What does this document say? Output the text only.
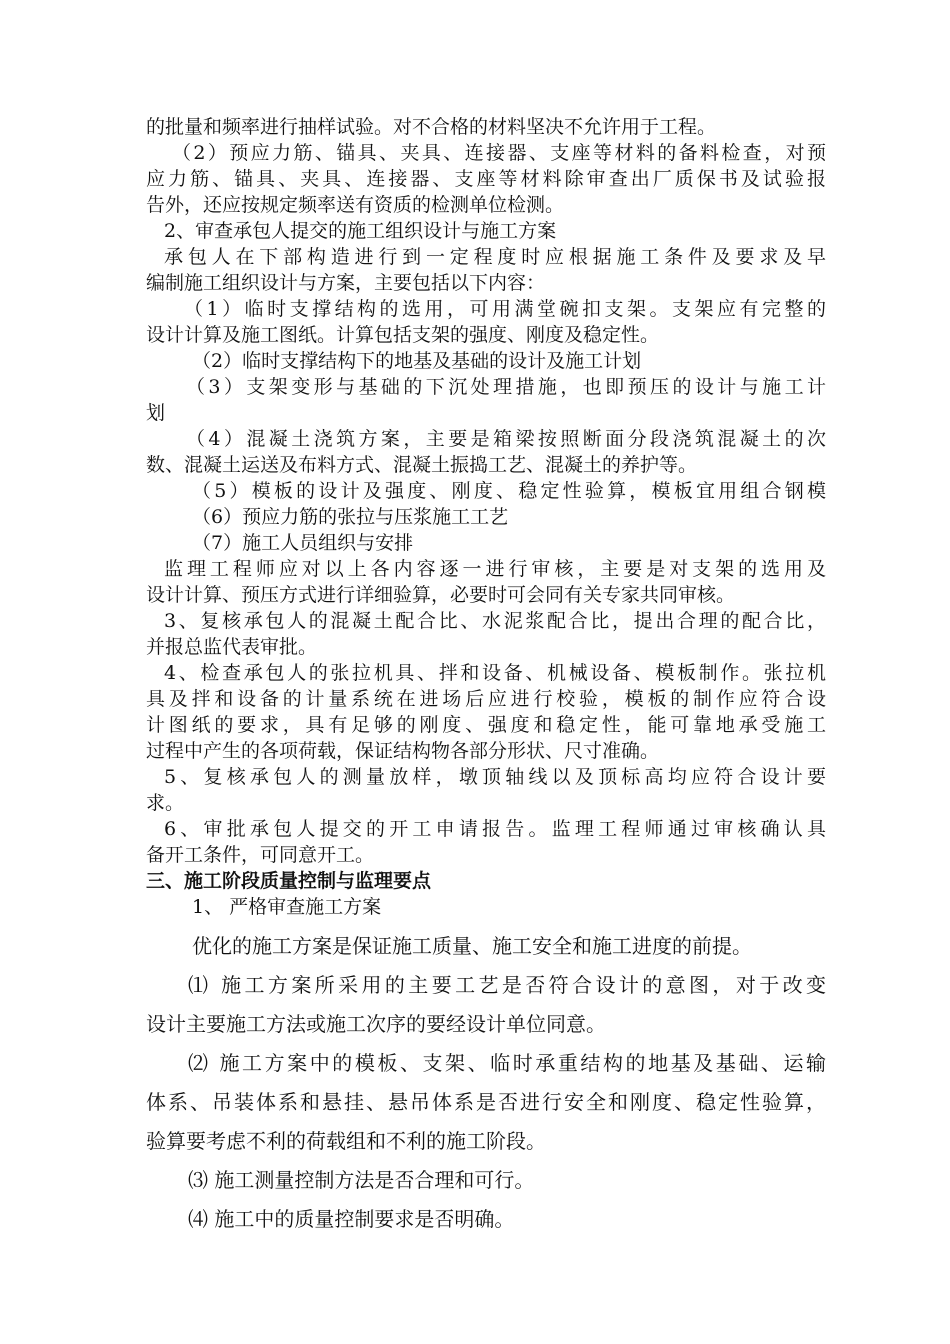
的批量和频率进行抽样试验。对不合格的材料坚决不允许用于工程。
（2）预应力筋、锚具、夹具、连接器、支座等材料的备料检查，对预
应力筋、锚具、夹具、连接器、支座等材料除审查出厂质保书及试验报
告外，还应按规定频率送有资质的检测单位检测。
2、审查承包人提交的施工组织设计与施工方案
承包人在下部构造进行到一定程度时应根据施工条件及要求及早
编制施工组织设计与方案，主要包括以下内容：
（1）临时支撑结构的选用，可用满堂碗扣支架。支架应有完整的
设计计算及施工图纸。计算包括支架的强度、刚度及稳定性。
（2）临时支撑结构下的地基及基础的设计及施工计划
（3）支架变形与基础的下沉处理措施，也即预压的设计与施工计
划
（4）混凝土浇筑方案，主要是箱梁按照断面分段浇筑混凝土的次
数、混凝土运送及布料方式、混凝土振捣工艺、混凝土的养护等。
（5）模板的设计及强度、刚度、稳定性验算，模板宜用组合钢模
（6）预应力筋的张拉与压浆施工工艺
（7）施工人员组织与安排
监理工程师应对以上各内容逐一进行审核，主要是对支架的选用及
设计计算、预压方式进行详细验算，必要时可会同有关专家共同审核。
3、复核承包人的混凝土配合比、水泥浆配合比，提出合理的配合比，
并报总监代表审批。
4、检查承包人的张拉机具、拌和设备、机械设备、模板制作。张拉机
具及拌和设备的计量系统在进场后应进行校验，模板的制作应符合设
计图纸的要求，具有足够的刚度、强度和稳定性，能可靠地承受施工
过程中产生的各项荷载，保证结构物各部分形状、尺寸准确。
5、复核承包人的测量放样，墩顶轴线以及顶标高均应符合设计要
求。
6、审批承包人提交的开工申请报告。监理工程师通过审核确认具
备开工条件，可同意开工。
三、施工阶段质量控制与监理要点
1、 严格审查施工方案
优化的施工方案是保证施工质量、施工安全和施工进度的前提。
⑴ 施工方案所采用的主要工艺是否符合设计的意图，对于改变
设计主要施工方法或施工次序的要经设计单位同意。
⑵ 施工方案中的模板、支架、临时承重结构的地基及基础、运输
体系、吊装体系和悬挂、悬吊体系是否进行安全和刚度、稳定性验算，
验算要考虑不利的荷载组和不利的施工阶段。
⑶ 施工测量控制方法是否合理和可行。
⑷ 施工中的质量控制要求是否明确。
